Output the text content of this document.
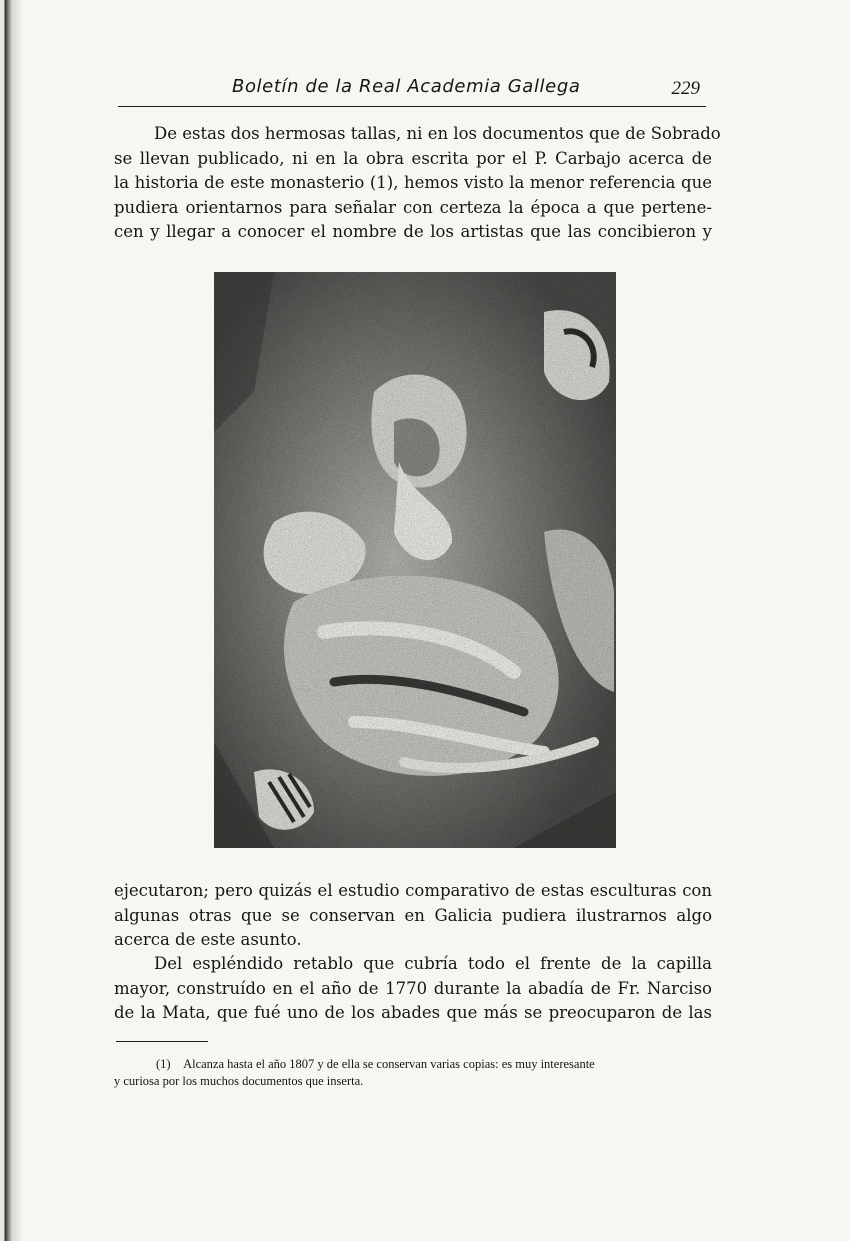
Boletín de la Real Academia Gallega	229
De estas dos hermosas tallas, ni en los documentos que de Sobrado
se llevan publicado, ni en la obra escrita por el P. Carbajo acerca de
la historia de este monasterio (1), hemos visto la menor referencia que
pudiera orientarnos para señalar con certeza la época a que pertene-
cen y llegar a conocer el nombre de los artistas que las concibieron y
ejecutaron; pero quizás el estudio comparativo de estas esculturas con
algunas otras que se conservan en Galicia pudiera ilustrarnos algo
acerca de este asunto.
Del espléndido retablo que cubría todo el frente de la capilla
mayor, construído en el año de 1770 durante la abadía de Fr. Narciso
de la Mata, que fué uno de los abades que más se preocuparon de las
(1) Alcanza hasta el año 1807 y de ella se conservan varias copias: es muy interesante
y curiosa por los muchos documentos que inserta.
